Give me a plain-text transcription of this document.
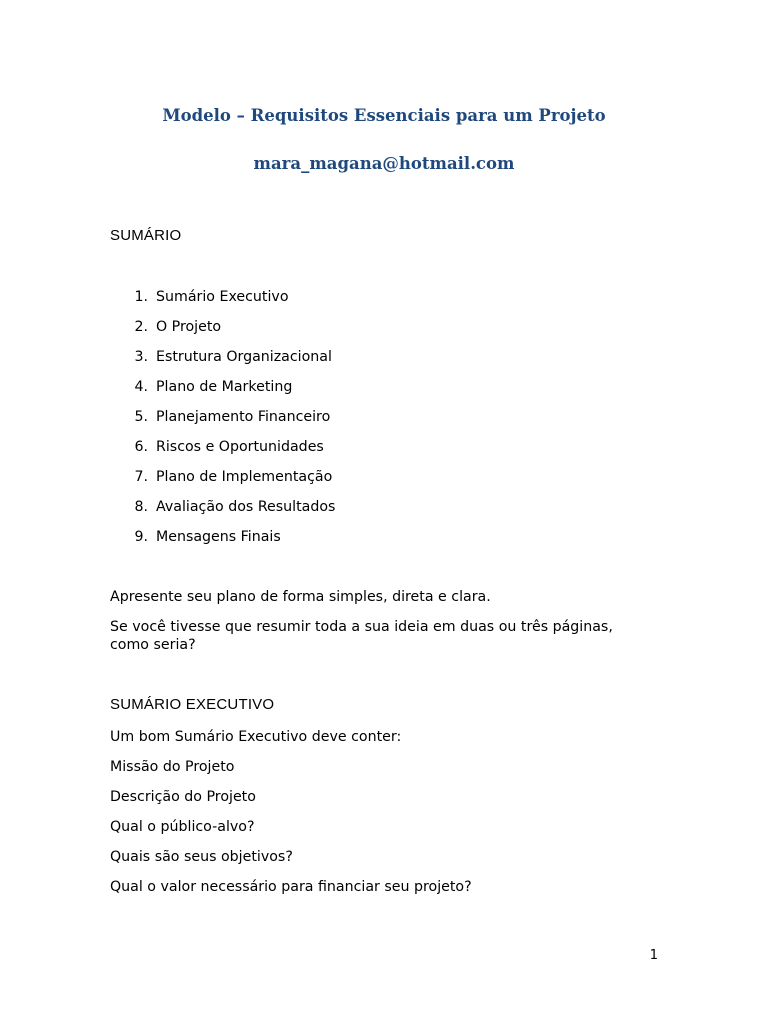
Modelo – Requisitos Essenciais para um Projeto

mara_magana@hotmail.com

SUMÁRIO

1. Sumário Executivo
2. O Projeto
3. Estrutura Organizacional
4. Plano de Marketing
5. Planejamento Financeiro
6. Riscos e Oportunidades
7. Plano de Implementação
8. Avaliação dos Resultados
9. Mensagens Finais

Apresente seu plano de forma simples, direta e clara.

Se você tivesse que resumir toda a sua ideia em duas ou três páginas, como seria?

SUMÁRIO EXECUTIVO

Um bom Sumário Executivo deve conter:
Missão do Projeto
Descrição do Projeto
Qual o público-alvo?
Quais são seus objetivos?
Qual o valor necessário para financiar seu projeto?

1
